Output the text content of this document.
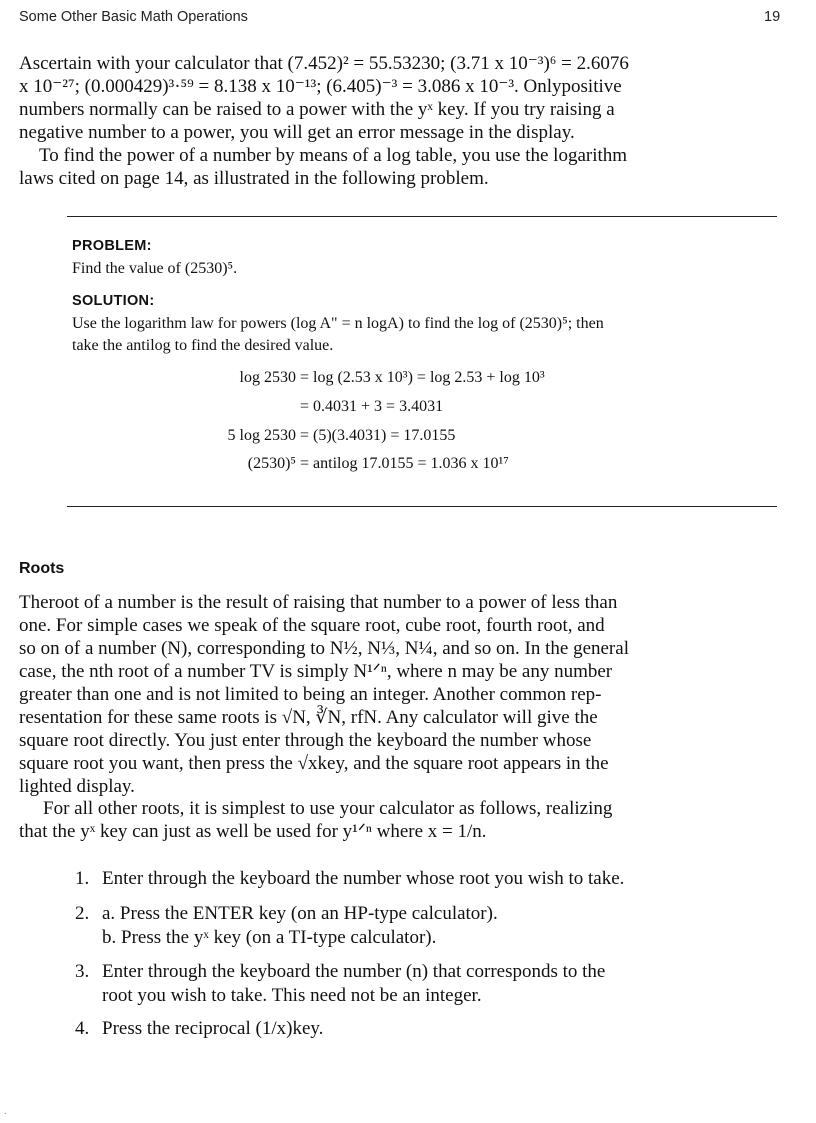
Some Other Basic Math Operations	19

Ascertain with your calculator that (7.452)² = 55.53230; (3.71 x 10⁻³)⁶ = 2.6076

x 10⁻²⁷; (0.000429)³·⁵⁹ = 8.138 x 10⁻¹³; (6.405)⁻³ = 3.086 x 10⁻³. Onlypositive

numbers normally can be raised to a power with the yˣ key. If you try raising a

negative number to a power, you will get an error message in the display.

To find the power of a number by means of a log table, you use the logarithm

laws cited on page 14, as illustrated in the following problem.

PROBLEM:
Find the value of (2530)⁵.
SOLUTION:
Use the logarithm law for powers (log A" = n logA) to find the log of (2530)⁵; then
take the antilog to find the desired value.
log 2530 = log (2.53 x 10³) = log 2.53 + log 10³
= 0.4031 + 3 = 3.4031
5 log 2530 = (5)(3.4031) = 17.0155
(2530)⁵ = antilog 17.0155 = 1.036 x 10¹⁷
Roots

Theroot of a number is the result of raising that number to a power of less than

one. For simple cases we speak of the square root, cube root, fourth root, and

so on of a number (N), corresponding to N½, N⅓, N¼, and so on. In the general

case, the nth root of a number TV is simply N¹ᐟⁿ, where n may be any number

greater than one and is not limited to being an integer. Another common rep-

resentation for these same roots is √N, ∛N, rfN. Any calculator will give the

square root directly. You just enter through the keyboard the number whose

square root you want, then press the √xkey, and the square root appears in the

lighted display.

For all other roots, it is simplest to use your calculator as follows, realizing

that the yˣ key can just as well be used for y¹ᐟⁿ where x = 1/n.

1. Enter through the keyboard the number whose root you wish to take.
2. a. Press the ENTER key (on an HP-type calculator).
b. Press the yˣ key (on a TI-type calculator).
3. Enter through the keyboard the number (n) that corresponds to the
root you wish to take. This need not be an integer.
4. Press the reciprocal (1/x)key.
.
